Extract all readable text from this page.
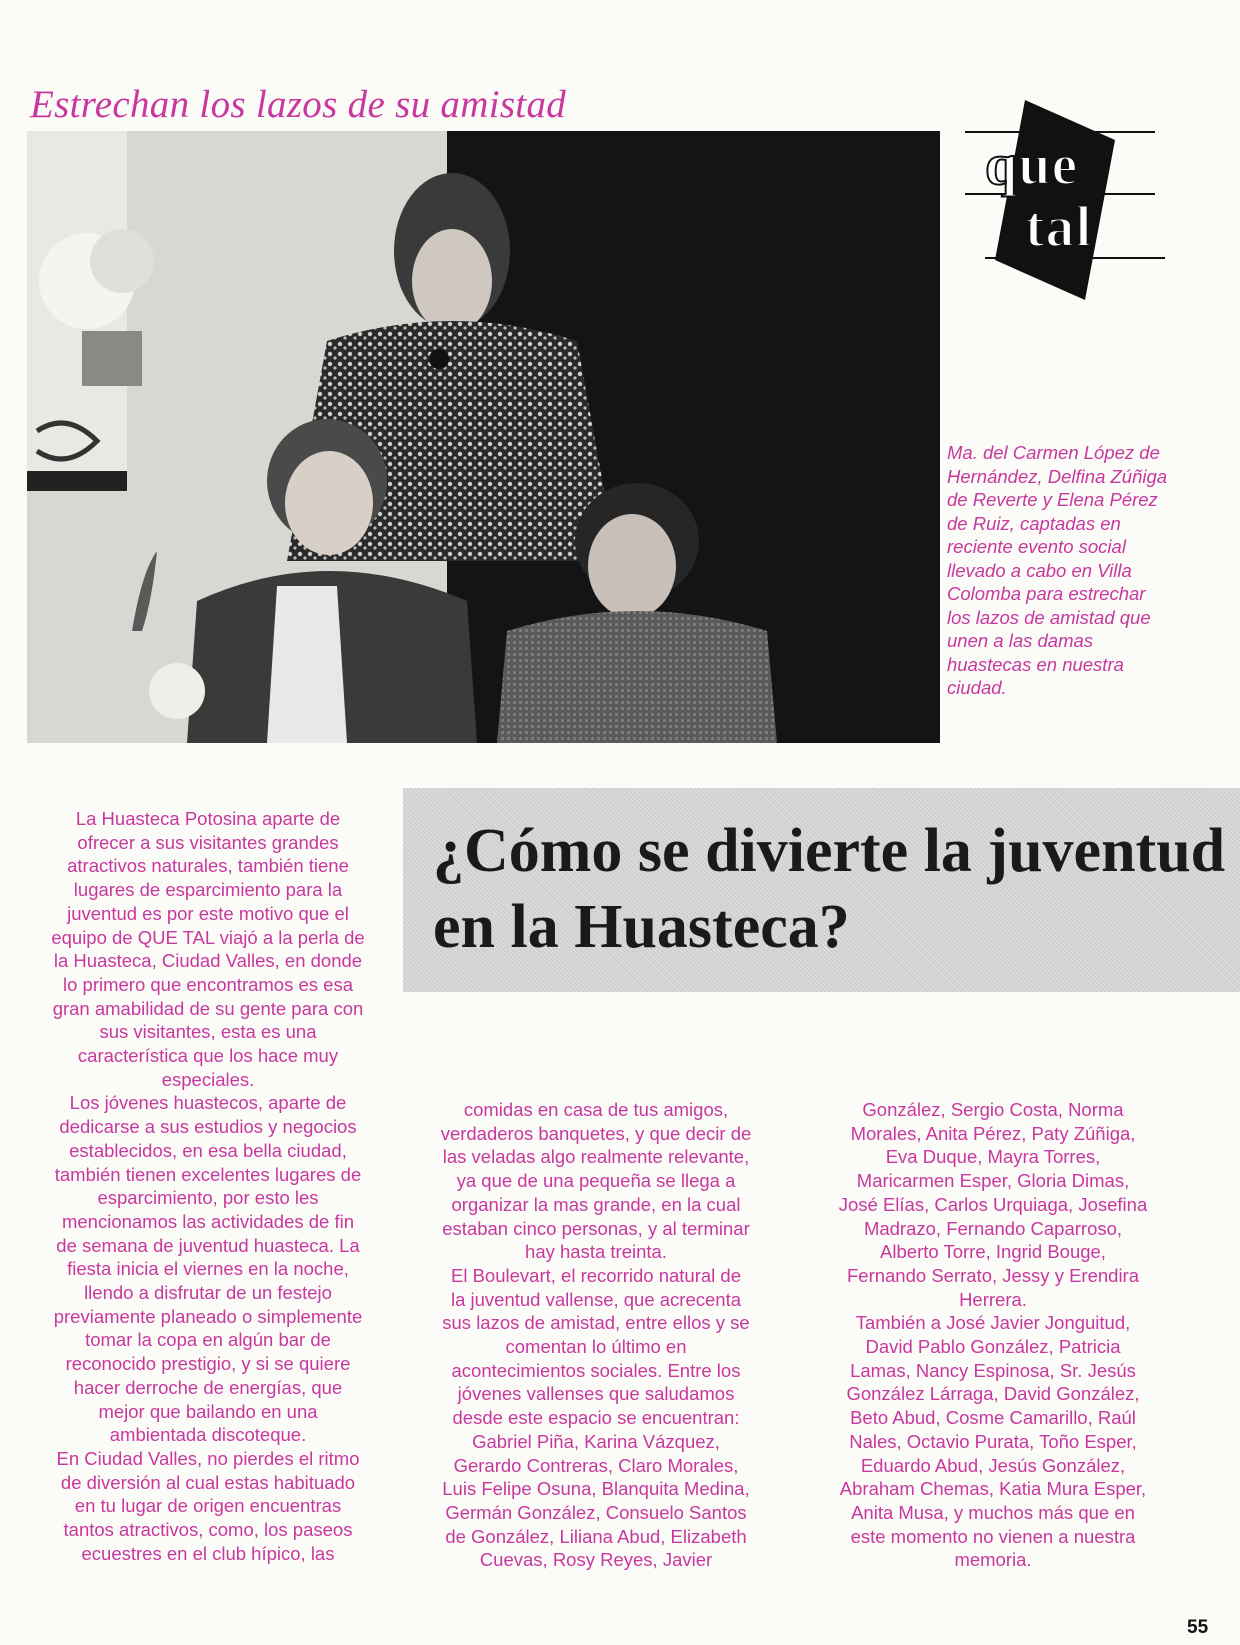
Estrechan los lazos de su amistad
que
tal
Ma. del Carmen López de
Hernández, Delfina Zúñiga
de Reverte y Elena Pérez
de Ruiz, captadas en
reciente evento social
llevado a cabo en Villa
Colomba para estrechar
los lazos de amistad que
unen a las damas
huastecas en nuestra
ciudad.
¿Cómo se divierte la juventud en la Huasteca?
La Huasteca Potosina aparte de
ofrecer a sus visitantes grandes
atractivos naturales, también tiene
lugares de esparcimiento para la
juventud es por este motivo que el
equipo de QUE TAL viajó a la perla de
la Huasteca, Ciudad Valles, en donde
lo primero que encontramos es esa
gran amabilidad de su gente para con
sus visitantes, esta es una
característica que los hace muy
especiales.
Los jóvenes huastecos, aparte de
dedicarse a sus estudios y negocios
establecidos, en esa bella ciudad,
también tienen excelentes lugares de
esparcimiento, por esto les
mencionamos las actividades de fin
de semana de juventud huasteca. La
fiesta inicia el viernes en la noche,
llendo a disfrutar de un festejo
previamente planeado o simplemente
tomar la copa en algún bar de
reconocido prestigio, y si se quiere
hacer derroche de energías, que
mejor que bailando en una
ambientada discoteque.
En Ciudad Valles, no pierdes el ritmo
de diversión al cual estas habituado
en tu lugar de origen encuentras
tantos atractivos, como, los paseos
ecuestres en el club hípico, las
comidas en casa de tus amigos,
verdaderos banquetes, y que decir de
las veladas algo realmente relevante,
ya que de una pequeña se llega a
organizar la mas grande, en la cual
estaban cinco personas, y al terminar
hay hasta treinta.
El Boulevart, el recorrido natural de
la juventud vallense, que acrecenta
sus lazos de amistad, entre ellos y se
comentan lo último en
acontecimientos sociales. Entre los
jóvenes vallenses que saludamos
desde este espacio se encuentran:
Gabriel Piña, Karina Vázquez,
Gerardo Contreras, Claro Morales,
Luis Felipe Osuna, Blanquita Medina,
Germán González, Consuelo Santos
de González, Liliana Abud, Elizabeth
Cuevas, Rosy Reyes, Javier
González, Sergio Costa, Norma
Morales, Anita Pérez, Paty Zúñiga,
Eva Duque, Mayra Torres,
Maricarmen Esper, Gloria Dimas,
José Elías, Carlos Urquiaga, Josefina
Madrazo, Fernando Caparroso,
Alberto Torre, Ingrid Bouge,
Fernando Serrato, Jessy y Erendira
Herrera.
También a José Javier Jonguitud,
David Pablo González, Patricia
Lamas, Nancy Espinosa, Sr. Jesús
González Lárraga, David González,
Beto Abud, Cosme Camarillo, Raúl
Nales, Octavio Purata, Toño Esper,
Eduardo Abud, Jesús González,
Abraham Chemas, Katia Mura Esper,
Anita Musa, y muchos más que en
este momento no vienen a nuestra
memoria.
55
